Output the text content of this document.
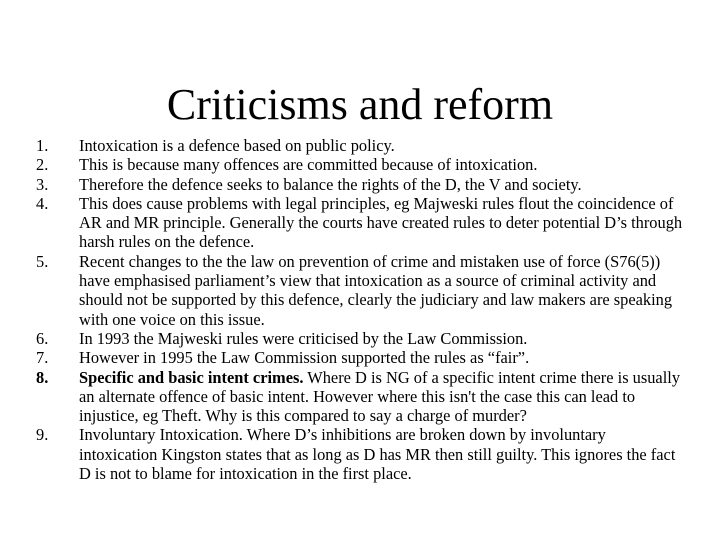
Criticisms and reform
1.	Intoxication is a defence based on public policy.
2.	This is because many offences are committed because of intoxication.
3.	Therefore the defence seeks to balance the rights of the D, the V and society.
4.	This does cause problems with legal principles, eg Majweski rules flout the coincidence of AR and MR principle. Generally the courts have created rules to deter potential D’s through harsh rules on the defence.
5.	Recent changes to the the law on prevention of crime and mistaken use of force (S76(5)) have emphasised parliament’s view that intoxication as a source of criminal activity and should not be supported by this defence, clearly the judiciary and law makers are speaking with one voice on this issue.
6.	In 1993 the Majweski rules were criticised by the Law Commission.
7.	However in 1995 the Law Commission supported the rules as “fair”.
8.	Specific and basic intent crimes. Where D is NG of a specific intent crime there is usually an alternate offence of basic intent. However where this isn't the case this can lead to injustice, eg Theft. Why is this compared to say a charge of murder?
9.	Involuntary Intoxication. Where D’s inhibitions are broken down by involuntary intoxication Kingston states that as long as D has MR then still guilty. This ignores the fact D is not to blame for intoxication in the first place.
